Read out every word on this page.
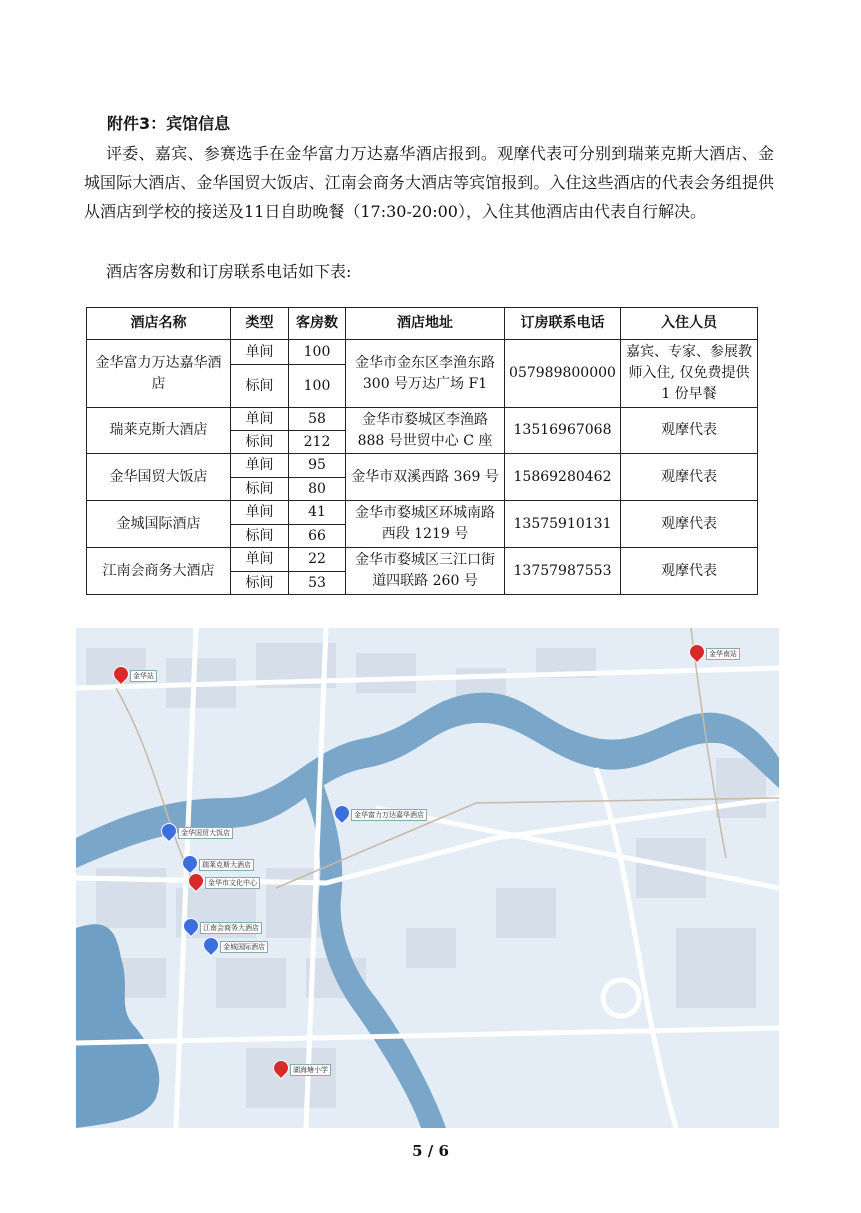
附件3：宾馆信息

评委、嘉宾、参赛选手在金华富力万达嘉华酒店报到。观摩代表可分别到瑞莱克斯大酒店、金城国际大酒店、金华国贸大饭店、江南会商务大酒店等宾馆报到。入住这些酒店的代表会务组提供从酒店到学校的接送及11日自助晚餐（17:30-20:00），入住其他酒店由代表自行解决。

酒店客房数和订房联系电话如下表:

酒店名称	类型	客房数	酒店地址	订房联系电话	入住人员
金华富力万达嘉华酒店	单间	100	金华市金东区李渔东路 300 号万达广场 F1	057989800000	嘉宾、专家、参展教师入住, 仅免费提供 1 份早餐
	标间	100			
瑞莱克斯大酒店	单间	58	金华市婺城区李渔路 888 号世贸中心 C 座	13516967068	观摩代表
	标间	212			
金华国贸大饭店	单间	95	金华市双溪西路 369 号	15869280462	观摩代表
	标间	80			
金城国际酒店	单间	41	金华市婺城区环城南路西段 1219 号	13575910131	观摩代表
	标间	66			
江南会商务大酒店	单间	22	金华市婺城区三江口街道四联路 260 号	13757987553	观摩代表
	标间	53			
金华站
金华南站
金华富力万达嘉华酒店
金华国贸大饭店
瑞莱克斯大酒店
金华市文化中心
江南会商务大酒店
金城国际酒店
湖海塘小学
5 / 6
